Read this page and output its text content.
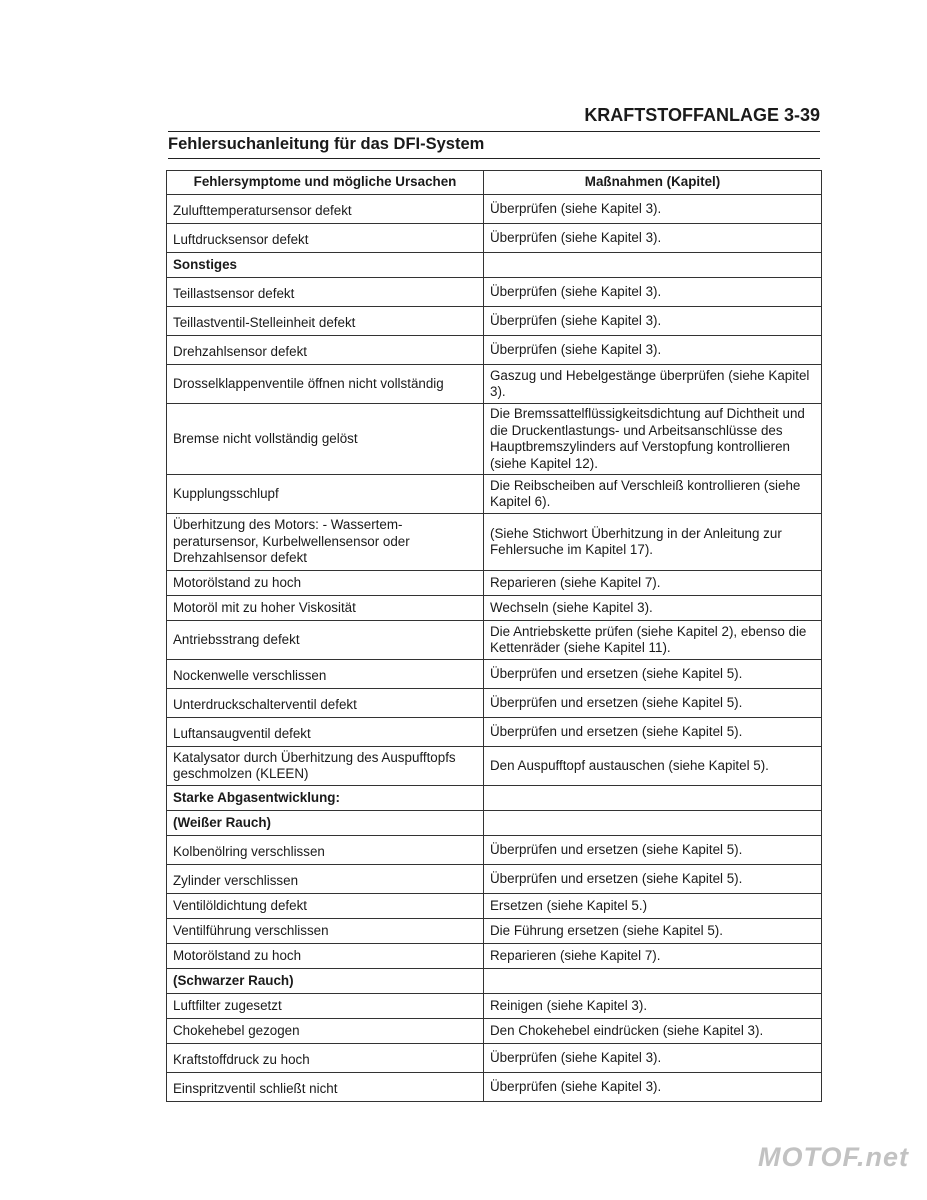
KRAFTSTOFFANLAGE 3-39
Fehlersuchanleitung für das DFI-System
Fehlersymptome und mögliche Ursachen	Maßnahmen (Kapitel)
Zulufttemperatursensor defekt	Überprüfen (siehe Kapitel 3).
Luftdrucksensor defekt	Überprüfen (siehe Kapitel 3).
Sonstiges	
Teillastsensor defekt	Überprüfen (siehe Kapitel 3).
Teillastventil-Stelleinheit defekt	Überprüfen (siehe Kapitel 3).
Drehzahlsensor defekt	Überprüfen (siehe Kapitel 3).
Drosselklappenventile öffnen nicht vollständig	Gaszug und Hebelgestänge überprüfen (siehe Kapitel 3).
Bremse nicht vollständig gelöst	Die Bremssattelflüssigkeitsdichtung auf Dichtheit und die Druckentlastungs- und Arbeitsanschlüsse des Hauptbremszylinders auf Verstopfung kontrollieren (siehe Kapitel 12).
Kupplungsschlupf	Die Reibscheiben auf Verschleiß kontrollieren (siehe Kapitel 6).
Überhitzung des Motors: - Wassertem-peratursensor, Kurbelwellensensor oder Drehzahlsensor defekt	(Siehe Stichwort Überhitzung in der Anleitung zur Fehlersuche im Kapitel 17).
Motorölstand zu hoch	Reparieren (siehe Kapitel 7).
Motoröl mit zu hoher Viskosität	Wechseln (siehe Kapitel 3).
Antriebsstrang defekt	Die Antriebskette prüfen (siehe Kapitel 2), ebenso die Kettenräder (siehe Kapitel 11).
Nockenwelle verschlissen	Überprüfen und ersetzen (siehe Kapitel 5).
Unterdruckschalterventil defekt	Überprüfen und ersetzen (siehe Kapitel 5).
Luftansaugventil defekt	Überprüfen und ersetzen (siehe Kapitel 5).
Katalysator durch Überhitzung des Auspufftopfs geschmolzen (KLEEN)	Den Auspufftopf austauschen (siehe Kapitel 5).
Starke Abgasentwicklung:	
(Weißer Rauch)	
Kolbenölring verschlissen	Überprüfen und ersetzen (siehe Kapitel 5).
Zylinder verschlissen	Überprüfen und ersetzen (siehe Kapitel 5).
Ventilöldichtung defekt	Ersetzen (siehe Kapitel 5.)
Ventilführung verschlissen	Die Führung ersetzen (siehe Kapitel 5).
Motorölstand zu hoch	Reparieren (siehe Kapitel 7).
(Schwarzer Rauch)	
Luftfilter zugesetzt	Reinigen (siehe Kapitel 3).
Chokehebel gezogen	Den Chokehebel eindrücken (siehe Kapitel 3).
Kraftstoffdruck zu hoch	Überprüfen (siehe Kapitel 3).
Einspritzventil schließt nicht	Überprüfen (siehe Kapitel 3).
MOTOF.net
